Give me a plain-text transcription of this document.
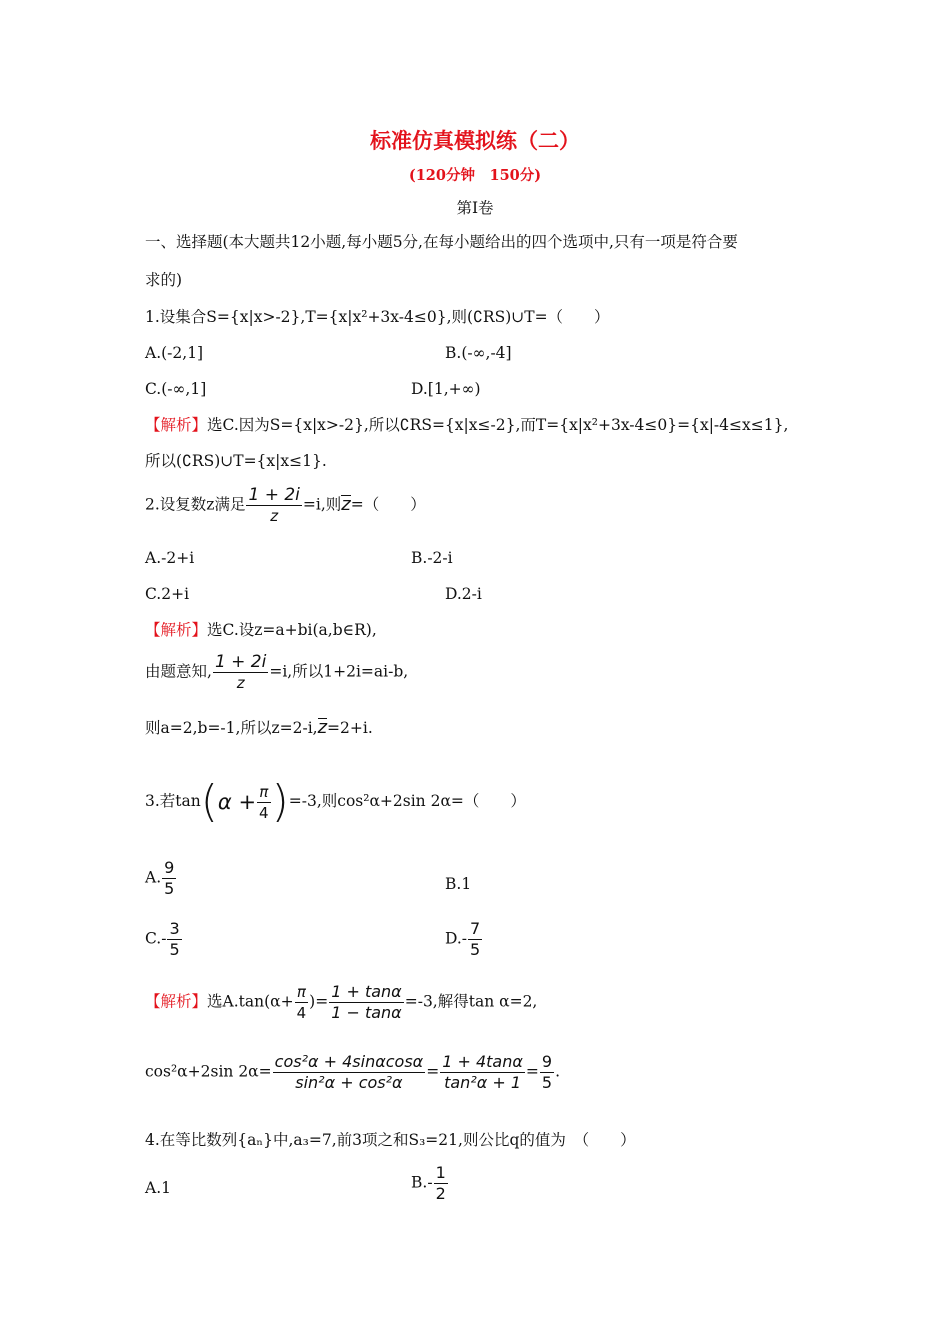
标准仿真模拟练（二）
(120分钟　150分)
第Ⅰ卷
一、选择题(本大题共12小题,每小题5分,在每小题给出的四个选项中,只有一项是符合要
求的)
1.设集合S={x|x>-2},T={x|x²+3x-4≤0},则(∁RS)∪T=（　　）
A.(-2,1]	B.(-∞,-4]
C.(-∞,1]	D.[1,+∞)
【解析】选C.因为S={x|x>-2},所以∁RS={x|x≤-2},而T={x|x²+3x-4≤0}={x|-4≤x≤1},
所以(∁RS)∪T={x|x≤1}.
2.设复数z满足 $\frac{1 + 2i}{z} =i$,则z=（　　）
A.-2+i	B.-2-i
C.2+i	D.2-i
【解析】选C.设z=a+bi(a,b∈R),
由题意知, $\frac{1 + 2i}{z} =i$,所以1+2i=ai-b,
则a=2,b=-1,所以z=2-i,z=2+i.
3.若$\tan(\alpha + \frac{\pi}{4} )=-3$,则cos²α+2sin 2α=（　　）
A. $\frac{9}{5}$	B.1
$C.- \frac{3}{5}$	$D.- \frac{7}{5}$
【解析】选$A.\tan(\alpha+ \frac{\pi}{4}$ )= $\frac{1 + \tan\alpha}{1 - \tan\alpha} =-3$,解得tan α=2,
cos²α+2sin $2\alpha= \frac{\text{cos²α + 4sinαcosα}}{\text{sin²α + cos²α}} = \frac{1 + 4\tan\alpha}{\text{tan²α + 1}} = \frac{9}{5}$ .
4.在等比数列{aₙ}中,a₃=7,前3项之和S₃=21,则公比q的值为　（　　）
A.1	$B.- \frac{1}{2}$
